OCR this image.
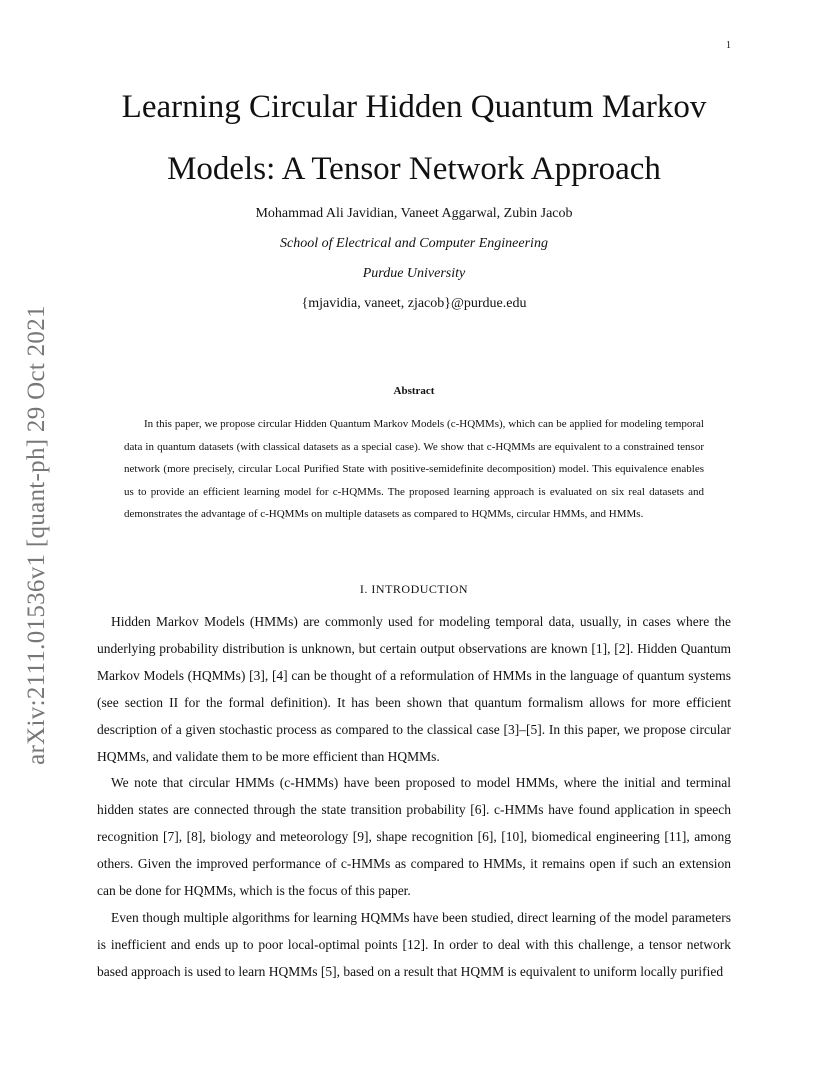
1
arXiv:2111.01536v1 [quant-ph] 29 Oct 2021
Learning Circular Hidden Quantum Markov
Models: A Tensor Network Approach
Mohammad Ali Javidian, Vaneet Aggarwal, Zubin Jacob
School of Electrical and Computer Engineering
Purdue University
{mjavidia, vaneet, zjacob}@purdue.edu
Abstract

In this paper, we propose circular Hidden Quantum Markov Models (c-HQMMs), which can be applied for modeling temporal data in quantum datasets (with classical datasets as a special case). We show that c-HQMMs are equivalent to a constrained tensor network (more precisely, circular Local Purified State with positive-semidefinite decomposition) model. This equivalence enables us to provide an efficient learning model for c-HQMMs. The proposed learning approach is evaluated on six real datasets and demonstrates the advantage of c-HQMMs on multiple datasets as compared to HQMMs, circular HMMs, and HMMs.

I. INTRODUCTION

Hidden Markov Models (HMMs) are commonly used for modeling temporal data, usually, in cases where the underlying probability distribution is unknown, but certain output observations are known [1], [2]. Hidden Quantum Markov Models (HQMMs) [3], [4] can be thought of a reformulation of HMMs in the language of quantum systems (see section II for the formal definition). It has been shown that quantum formalism allows for more efficient description of a given stochastic process as compared to the classical case [3]–[5]. In this paper, we propose circular HQMMs, and validate them to be more efficient than HQMMs.

We note that circular HMMs (c-HMMs) have been proposed to model HMMs, where the initial and terminal hidden states are connected through the state transition probability [6]. c-HMMs have found application in speech recognition [7], [8], biology and meteorology [9], shape recognition [6], [10], biomedical engineering [11], among others. Given the improved performance of c-HMMs as compared to HMMs, it remains open if such an extension can be done for HQMMs, which is the focus of this paper.

Even though multiple algorithms for learning HQMMs have been studied, direct learning of the model parameters is inefficient and ends up to poor local-optimal points [12]. In order to deal with this challenge, a tensor network based approach is used to learn HQMMs [5], based on a result that HQMM is equivalent to uniform locally purified
